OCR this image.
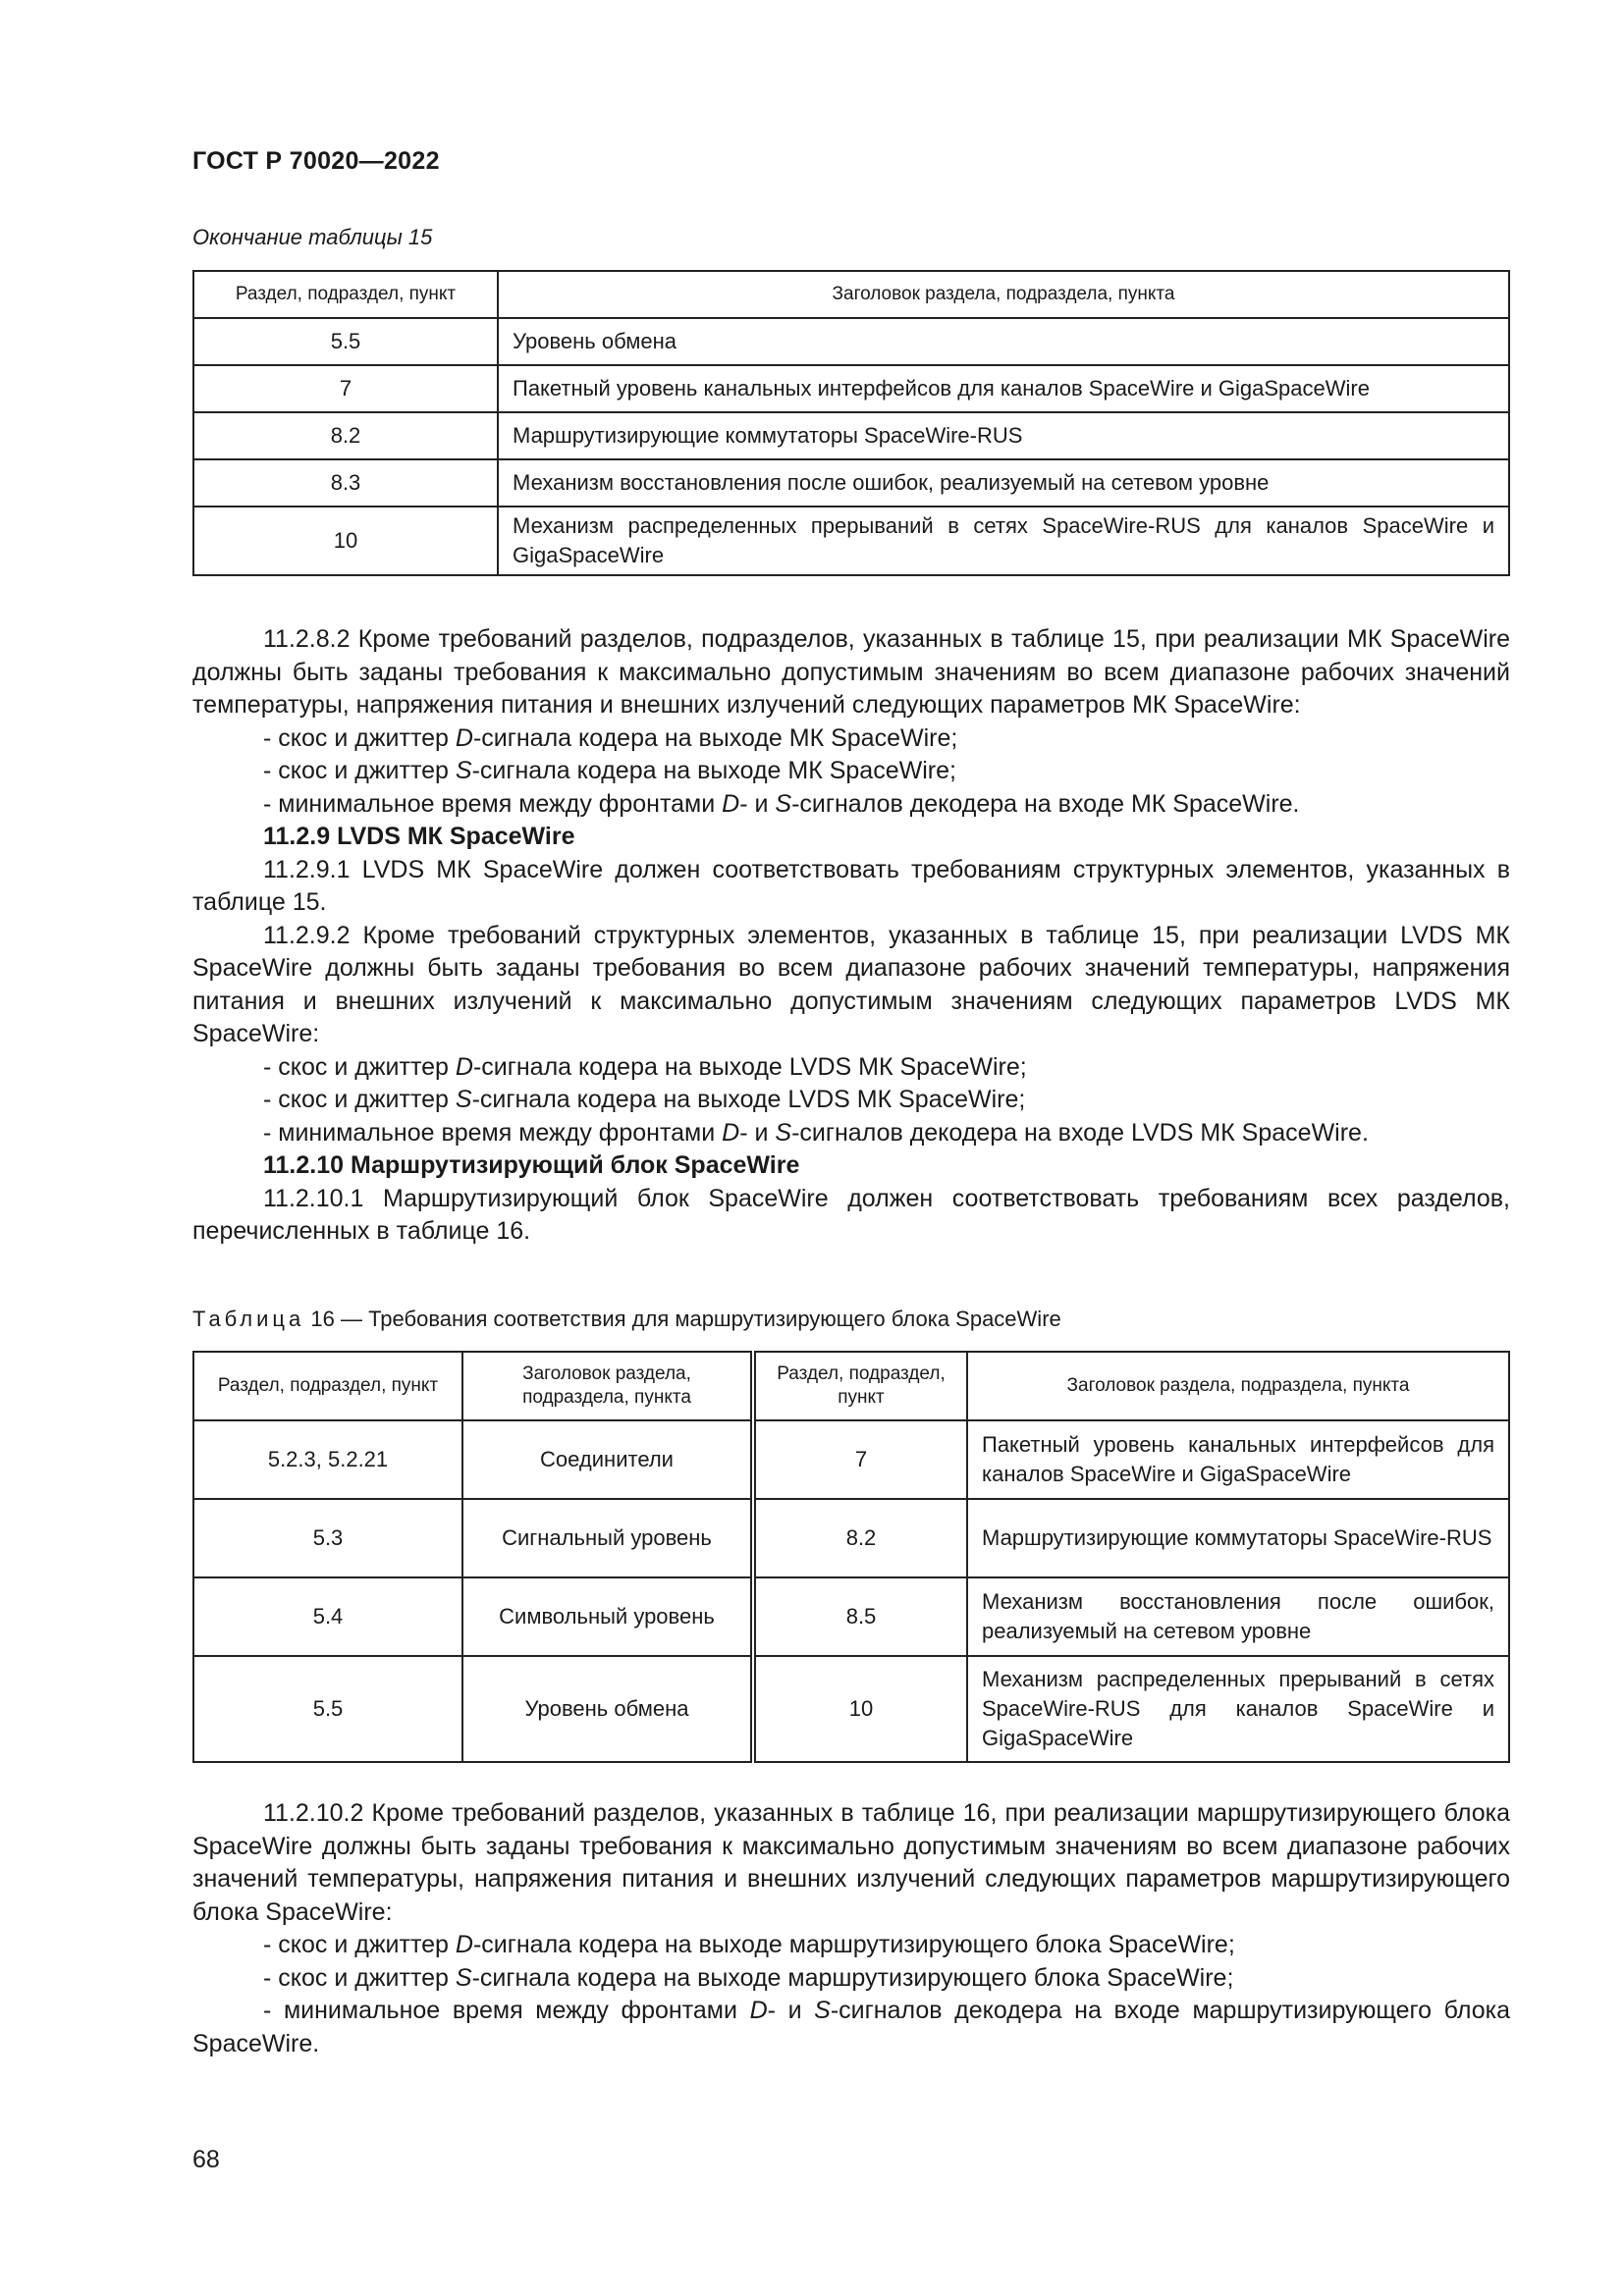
ГОСТ Р 70020—2022
Окончание таблицы 15
Раздел, подраздел, пункт	Заголовок раздела, подраздела, пункта
5.5	Уровень обмена
7	Пакетный уровень канальных интерфейсов для каналов SpaceWire и GigaSpaceWire
8.2	Маршрутизирующие коммутаторы SpaceWire-RUS
8.3	Механизм восстановления после ошибок, реализуемый на сетевом уровне
10	Механизм распределенных прерываний в сетях SpaceWire-RUS для каналов SpaceWire и GigaSpaceWire

11.2.8.2 Кроме требований разделов, подразделов, указанных в таблице 15, при реализации МК SpaceWire должны быть заданы требования к максимально допустимым значениям во всем диапазоне рабочих значений температуры, напряжения питания и внешних излучений следующих параметров МК SpaceWire:

- скос и джиттер D-сигнала кодера на выходе МК SpaceWire;

- скос и джиттер S-сигнала кодера на выходе МК SpaceWire;

- минимальное время между фронтами D- и S-сигналов декодера на входе МК SpaceWire.

11.2.9 LVDS МК SpaceWire

11.2.9.1 LVDS МК SpaceWire должен соответствовать требованиям структурных элементов, указанных в таблице 15.

11.2.9.2 Кроме требований структурных элементов, указанных в таблице 15, при реализации LVDS МК SpaceWire должны быть заданы требования во всем диапазоне рабочих значений температуры, напряжения питания и внешних излучений к максимально допустимым значениям следующих параметров LVDS МК SpaceWire:

- скос и джиттер D-сигнала кодера на выходе LVDS МК SpaceWire;

- скос и джиттер S-сигнала кодера на выходе LVDS МК SpaceWire;

- минимальное время между фронтами D- и S-сигналов декодера на входе LVDS МК SpaceWire.

11.2.10 Маршрутизирующий блок SpaceWire

11.2.10.1 Маршрутизирующий блок SpaceWire должен соответствовать требованиям всех разделов, перечисленных в таблице 16.

Таблица 16 — Требования соответствия для маршрутизирующего блока SpaceWire
Раздел, подраздел, пункт	Заголовок раздела, подраздела, пункта	Раздел, подраздел, пункт	Заголовок раздела, подраздела, пункта
5.2.3, 5.2.21	Соединители	7	Пакетный уровень канальных интерфейсов для каналов SpaceWire и GigaSpaceWire
5.3	Сигнальный уровень	8.2	Маршрутизирующие коммутаторы SpaceWire-RUS
5.4	Символьный уровень	8.5	Механизм восстановления после ошибок, реализуемый на сетевом уровне
5.5	Уровень обмена	10	Механизм распределенных прерываний в сетях SpaceWire-RUS для каналов SpaceWire и GigaSpaceWire

11.2.10.2 Кроме требований разделов, указанных в таблице 16, при реализации маршрутизирующего блока SpaceWire должны быть заданы требования к максимально допустимым значениям во всем диапазоне рабочих значений температуры, напряжения питания и внешних излучений следующих параметров маршрутизирующего блока SpaceWire:

- скос и джиттер D-сигнала кодера на выходе маршрутизирующего блока SpaceWire;

- скос и джиттер S-сигнала кодера на выходе маршрутизирующего блока SpaceWire;

- минимальное время между фронтами D- и S-сигналов декодера на входе маршрутизирующего блока SpaceWire.

68
